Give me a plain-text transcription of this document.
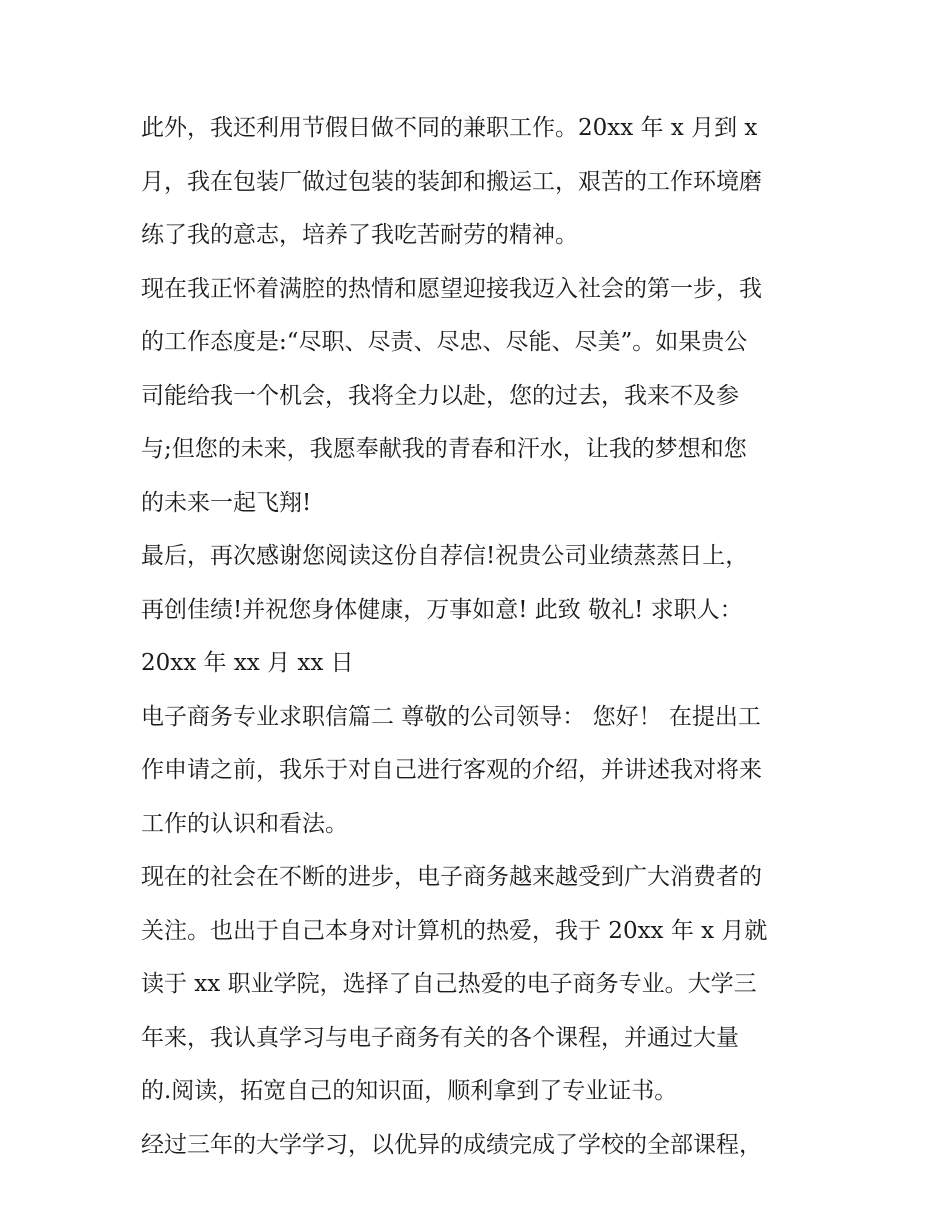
此外，我还利用节假日做不同的兼职工作。20xx 年 x 月到 x
月，我在包装厂做过包装的装卸和搬运工，艰苦的工作环境磨
练了我的意志，培养了我吃苦耐劳的精神。
现在我正怀着满腔的热情和愿望迎接我迈入社会的第一步，我
的工作态度是:“尽职、尽责、尽忠、尽能、尽美”。如果贵公
司能给我一个机会，我将全力以赴，您的过去，我来不及参
与;但您的未来，我愿奉献我的青春和汗水，让我的梦想和您
的未来一起飞翔!
最后，再次感谢您阅读这份自荐信!祝贵公司业绩蒸蒸日上，
再创佳绩!并祝您身体健康，万事如意! 此致 敬礼! 求职人：
20xx 年 xx 月 xx 日
电子商务专业求职信篇二 尊敬的公司领导： 您好！ 在提出工
作申请之前，我乐于对自己进行客观的介绍，并讲述我对将来
工作的认识和看法。
现在的社会在不断的进步，电子商务越来越受到广大消费者的
关注。也出于自己本身对计算机的热爱，我于 20xx 年 x 月就
读于 xx 职业学院，选择了自己热爱的电子商务专业。大学三
年来，我认真学习与电子商务有关的各个课程，并通过大量
的.阅读，拓宽自己的知识面，顺利拿到了专业证书。
经过三年的大学学习，以优异的成绩完成了学校的全部课程，
